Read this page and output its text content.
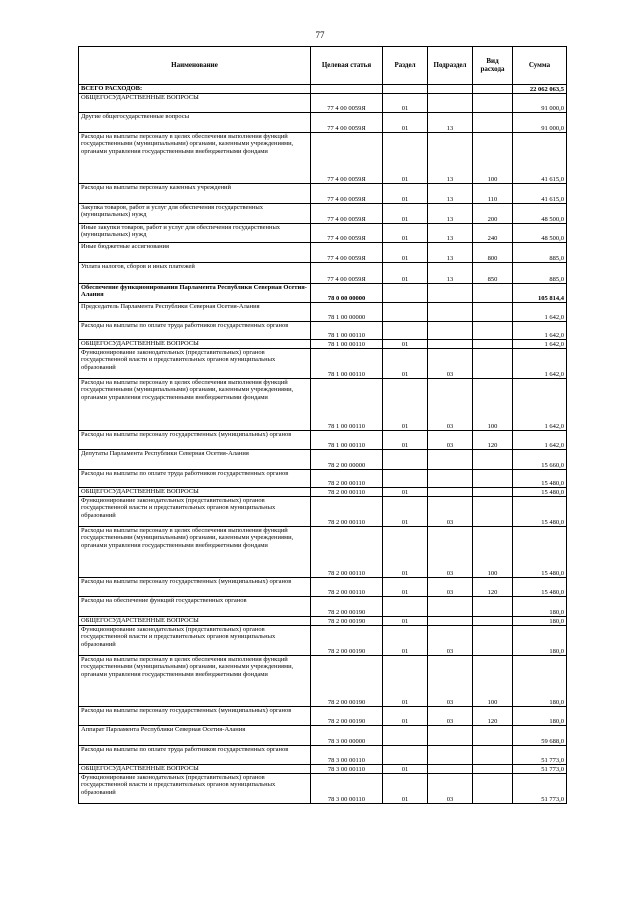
77
Наименование	Целевая статья	Раздел	Подраздел	Вид расхода	Сумма
ВСЕГО РАСХОДОВ:					22 062 063,5
ОБЩЕГОСУДАРСТВЕННЫЕ ВОПРОСЫ	77 4 00 0059Я	01			91 000,0
Другие общегосударственные вопросы	77 4 00 0059Я	01	13		91 000,0
Расходы на выплаты персоналу в целях обеспечения выполнения функций государственными (муниципальными) органами, казенными учреждениями, органами управления государственными внебюджетными фондами	77 4 00 0059Я	01	13	100	41 615,0
Расходы на выплаты персоналу казенных учреждений	77 4 00 0059Я	01	13	110	41 615,0
Закупка товаров, работ и услуг для обеспечения государственных (муниципальных) нужд	77 4 00 0059Я	01	13	200	48 500,0
Иные закупки товаров, работ и услуг для обеспечения государственных (муниципальных) нужд	77 4 00 0059Я	01	13	240	48 500,0
Иные бюджетные ассигнования	77 4 00 0059Я	01	13	800	885,0
Уплата налогов, сборов и иных платежей	77 4 00 0059Я	01	13	850	885,0
Обеспечение функционирования Парламента Республики Северная Осетия-Алания	78 0 00 00000				105 814,4
Председатель Парламента Республики Северная Осетия-Алания	78 1 00 00000				1 642,0
Расходы на выплаты по оплате труда работников государственных органов	78 1 00 00110				1 642,0
ОБЩЕГОСУДАРСТВЕННЫЕ ВОПРОСЫ	78 1 00 00110	01			1 642,0
Функционирование законодательных (представительных) органов государственной власти и представительных органов муниципальных образований	78 1 00 00110	01	03		1 642,0
Расходы на выплаты персоналу в целях обеспечения выполнения функций государственными (муниципальными) органами, казенными учреждениями, органами управления государственными внебюджетными фондами	78 1 00 00110	01	03	100	1 642,0
Расходы на выплаты персоналу государственных (муниципальных) органов	78 1 00 00110	01	03	120	1 642,0
Депутаты Парламента Республики Северная Осетия-Алания	78 2 00 00000				15 660,0
Расходы на выплаты по оплате труда работников государственных органов	78 2 00 00110				15 480,0
ОБЩЕГОСУДАРСТВЕННЫЕ ВОПРОСЫ	78 2 00 00110	01			15 480,0
Функционирование законодательных (представительных) органов государственной власти и представительных органов муниципальных образований	78 2 00 00110	01	03		15 480,0
Расходы на выплаты персоналу в целях обеспечения выполнения функций государственными (муниципальными) органами, казенными учреждениями, органами управления государственными внебюджетными фондами	78 2 00 00110	01	03	100	15 480,0
Расходы на выплаты персоналу государственных (муниципальных) органов	78 2 00 00110	01	03	120	15 480,0
Расходы на обеспечение функций государственных органов	78 2 00 00190				180,0
ОБЩЕГОСУДАРСТВЕННЫЕ ВОПРОСЫ	78 2 00 00190	01			180,0
Функционирование законодательных (представительных) органов государственной власти и представительных органов муниципальных образований	78 2 00 00190	01	03		180,0
Расходы на выплаты персоналу в целях обеспечения выполнения функций государственными (муниципальными) органами, казенными учреждениями, органами управления государственными внебюджетными фондами	78 2 00 00190	01	03	100	180,0
Расходы на выплаты персоналу государственных (муниципальных) органов	78 2 00 00190	01	03	120	180,0
Аппарат Парламента Республики Северная Осетия-Алания	78 3 00 00000				59 688,0
Расходы на выплаты по оплате труда работников государственных органов	78 3 00 00110				51 773,0
ОБЩЕГОСУДАРСТВЕННЫЕ ВОПРОСЫ	78 3 00 00110	01			51 773,0
Функционирование законодательных (представительных) органов государственной власти и представительных органов муниципальных образований	78 3 00 00110	01	03		51 773,0
